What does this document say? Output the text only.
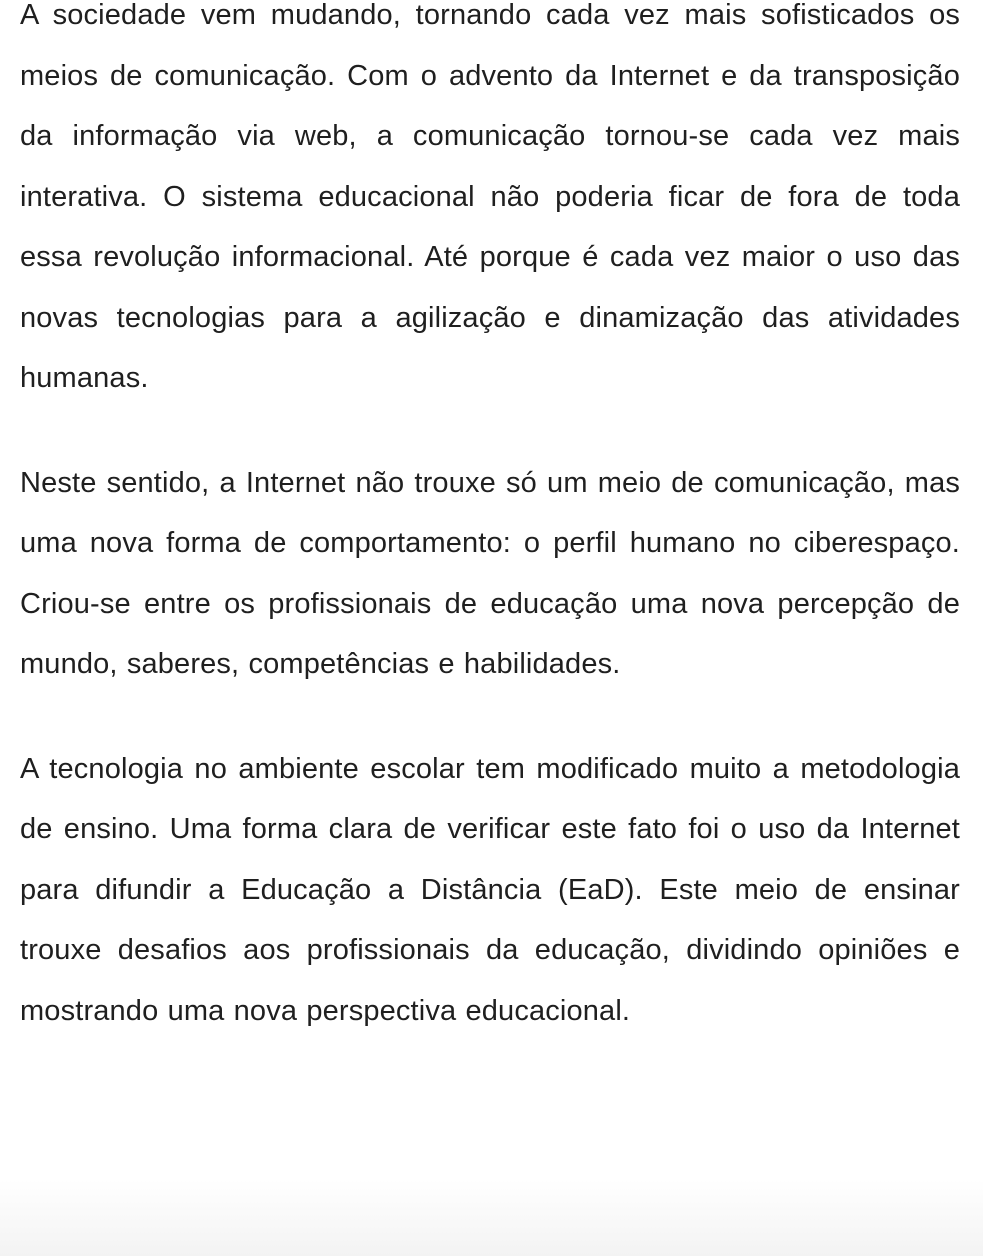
A sociedade vem mudando, tornando cada vez mais sofisticados os meios de comunicação. Com o advento da Internet e da transposição da informação via web, a comunicação tornou-se cada vez mais interativa. O sistema educacional não poderia ficar de fora de toda essa revolução informacional. Até porque é cada vez maior o uso das novas tecnologias para a agilização e dinamização das atividades humanas.

Neste sentido, a Internet não trouxe só um meio de comunicação, mas uma nova forma de comportamento: o perfil humano no ciberespaço. Criou-se entre os profissionais de educação uma nova percepção de mundo, saberes, competências e habilidades.

A tecnologia no ambiente escolar tem modificado muito a metodologia de ensino. Uma forma clara de verificar este fato foi o uso da Internet para difundir a Educação a Distância (EaD). Este meio de ensinar trouxe desafios aos profissionais da educação, dividindo opiniões e mostrando uma nova perspectiva educacional.
